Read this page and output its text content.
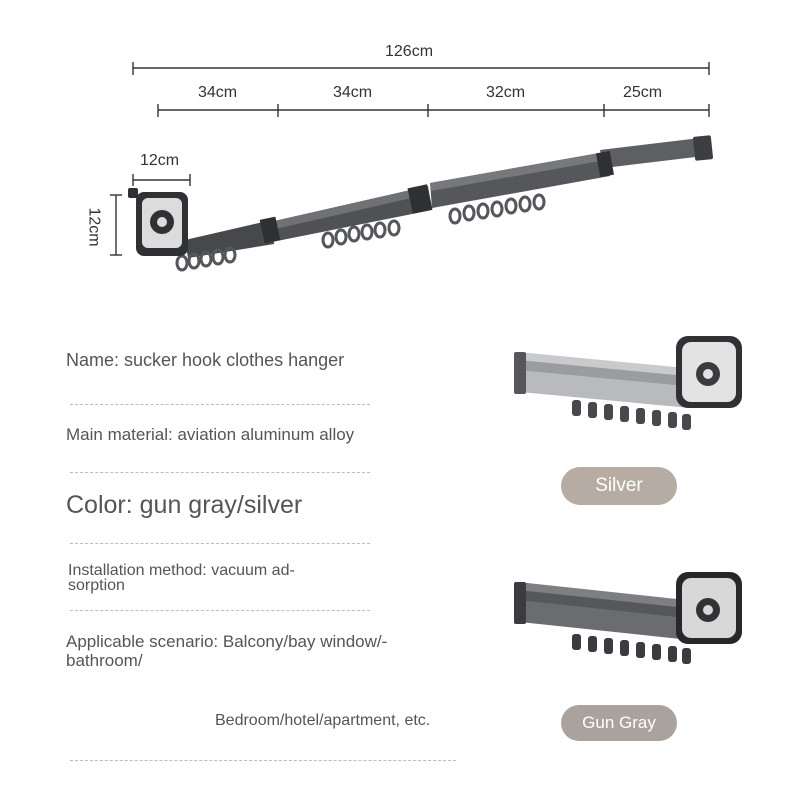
126cm
34cm	34cm	32cm	25cm
12cm
12cm
Name: sucker hook clothes hanger
Main material: aviation aluminum alloy
Color: gun gray/silver
Installation method: vacuum ad-
sorption
Applicable scenario: Balcony/bay window/-
bathroom/
Bedroom/hotel/apartment, etc.
Silver
Gun Gray
